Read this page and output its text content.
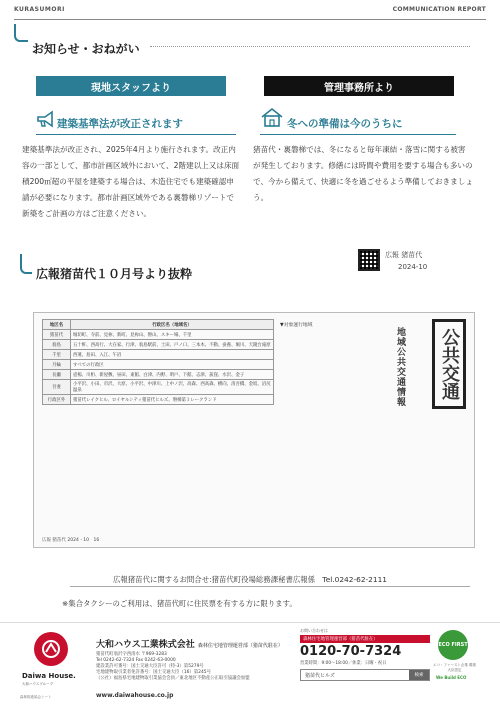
KURASUMORI	COMMUNICATION REPORT
お知らせ・おねがい
現地スタッフより	管理事務所より
建築基準法が改正されます	冬への準備は今のうちに
建築基準法が改正され、2025年4月より施行されます。改正内容の一部として、都市計画区域外において、2階建以上又は床面積200㎡超の平屋を建築する場合は、木造住宅でも建築確認申請が必要になります。都市計画区域外である裏磐梯リゾートで新築をご計画の方はご注意ください。
猪苗代・裏磐梯では、冬になると毎年凍結・落雪に関する被害が発生しております。修繕には時間や費用を要する場合も多いので、今から備えて、快適に冬を過ごせるよう準備しておきましょう。
広報猪苗代１０月号より抜粋
広報 猪苗代
2024-10
地区名	行政区名（地域名）
猪苗代	堀切町、寺前、見祢、新町、見祢山、磐山、スキー場、千里
翁島	五十軒、西高行、大在家、行津、翁島駅前、土田、戸ノ口、三本木、不動、蚕養、堀川、天鏡台滝原
千里	西蓮、島田、入江、午沼
月輪	すべての行政区
長瀬	壺楊、川桁、新屋敷、昼田、東館、白津、内野、明戸、下館、志津、荻窪、水沢、金子
吾妻	小平沢、小田、市沢、大原、小平沢、中津川、上中ノ沢、高森、西高森、横向、清吾橋、金坂、沼尻温泉
行政区外	猪苗代レイクヒル、ロイヤルシティ猪苗代ヒルズ、磐梯第１レークランド
▼対象運行地域
地域公共交通情報	公共交通
広報 猪苗代 2024・10　16
広報猪苗代に関するお問合せ:猪苗代町役場総務課秘書広報係　Tel.0242-62-2111
※集合タクシーのご利用は、猪苗代町に住民票を有する方に限ります。
Daiwa House.
大和ハウスグループ
大和ハウス工業株式会社 森林住宅地管理運営部（猪苗代駐在）
猪苗代町翁沢字西清水 〒969-3283
Tel 0242-62-7324 Fax 0242-63-0000
建設業許可番号：国土交通大臣許可（特-3）第5279号
宅地建物取引業者免許番号：国土交通大臣（16）第245号
（公社）福島県宅地建物取引業協会会員／東北地区不動産公正取引協議会加盟
www.daiwahouse.co.jp
お問い合わせは
森林住宅地管理運営部（猪苗代駐在）
0120-70-7324
営業時間：9:00〜18:00／休業：日曜・祝日
猪苗代ヒルズ	検索
ECO FIRST
エコ・ファースト企業 環境大臣認定
We Build ECO
森林推進協会シート
